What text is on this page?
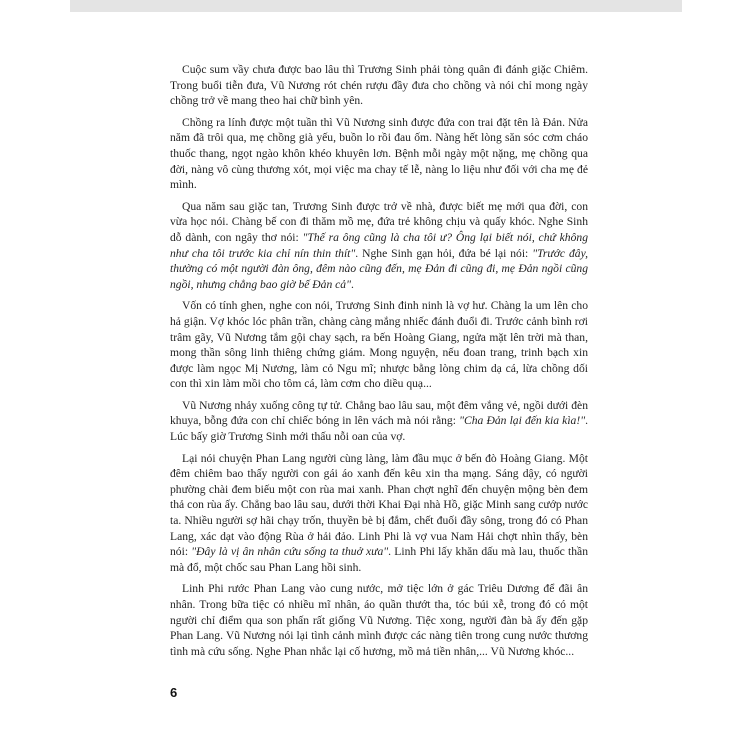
Cuộc sum vầy chưa được bao lâu thì Trương Sinh phải tòng quân đi đánh giặc Chiêm. Trong buổi tiễn đưa, Vũ Nương rót chén rượu đầy đưa cho chồng và nói chỉ mong ngày chồng trở về mang theo hai chữ bình yên.

Chồng ra lính được một tuần thì Vũ Nương sinh được đứa con trai đặt tên là Đản. Nửa năm đã trôi qua, mẹ chồng già yếu, buồn lo rồi đau ốm. Nàng hết lòng săn sóc cơm cháo thuốc thang, ngọt ngào khôn khéo khuyên lơn. Bệnh mỗi ngày một nặng, mẹ chồng qua đời, nàng vô cùng thương xót, mọi việc ma chay tế lễ, nàng lo liệu như đối với cha mẹ đẻ mình.

Qua năm sau giặc tan, Trương Sinh được trở về nhà, được biết mẹ mới qua đời, con vừa học nói. Chàng bế con đi thăm mồ mẹ, đứa trẻ không chịu và quấy khóc. Nghe Sinh dỗ dành, con ngây thơ nói: "Thế ra ông cũng là cha tôi ư? Ông lại biết nói, chứ không như cha tôi trước kia chỉ nín thin thít". Nghe Sinh gạn hỏi, đứa bé lại nói: "Trước đây, thường có một người đàn ông, đêm nào cũng đến, mẹ Đản đi cũng đi, mẹ Đản ngồi cũng ngồi, nhưng chẳng bao giờ bế Đản cả".

Vốn có tính ghen, nghe con nói, Trương Sinh đinh ninh là vợ hư. Chàng la um lên cho hả giận. Vợ khóc lóc phân trần, chàng càng mắng nhiếc đánh đuổi đi. Trước cảnh bình rơi trâm gãy, Vũ Nương tắm gội chay sạch, ra bến Hoàng Giang, ngửa mặt lên trời mà than, mong thần sông linh thiêng chứng giám. Mong nguyện, nếu đoan trang, trinh bạch xin được làm ngọc Mị Nương, làm cỏ Ngu mĩ; nhược bằng lòng chim dạ cá, lừa chồng dối con thì xin làm mồi cho tôm cá, làm cơm cho diều quạ...

Vũ Nương nhảy xuống công tự tử. Chẳng bao lâu sau, một đêm vắng vẻ, ngồi dưới đèn khuya, bỗng đứa con chỉ chiếc bóng in lên vách mà nói rằng: "Cha Đản lại đến kia kìa!". Lúc bấy giờ Trương Sinh mới thấu nỗi oan của vợ.

Lại nói chuyện Phan Lang người cùng làng, làm đầu mục ở bến đò Hoàng Giang. Một đêm chiêm bao thấy người con gái áo xanh đến kêu xin tha mạng. Sáng dậy, có người phường chài đem biếu một con rùa mai xanh. Phan chợt nghĩ đến chuyện mộng bèn đem thả con rùa ấy. Chẳng bao lâu sau, dưới thời Khai Đại nhà Hồ, giặc Minh sang cướp nước ta. Nhiều người sợ hãi chạy trốn, thuyền bè bị đắm, chết đuối đầy sông, trong đó có Phan Lang, xác dạt vào động Rùa ở hải đảo. Linh Phi là vợ vua Nam Hải chợt nhìn thấy, bèn nói: "Đây là vị ân nhân cứu sống ta thuở xưa". Linh Phi lấy khăn dấu mà lau, thuốc thần mà đổ, một chốc sau Phan Lang hồi sinh.

Linh Phi rước Phan Lang vào cung nước, mở tiệc lớn ở gác Triêu Dương để đãi ân nhân. Trong bữa tiệc có nhiều mĩ nhân, áo quần thướt tha, tóc búi xễ, trong đó có một người chỉ điểm qua son phấn rất giống Vũ Nương. Tiệc xong, người đàn bà ấy đến gặp Phan Lang. Vũ Nương nói lại tình cảnh mình được các nàng tiên trong cung nước thương tình mà cứu sống. Nghe Phan nhắc lại cố hương, mồ mả tiền nhân,... Vũ Nương khóc...

6
